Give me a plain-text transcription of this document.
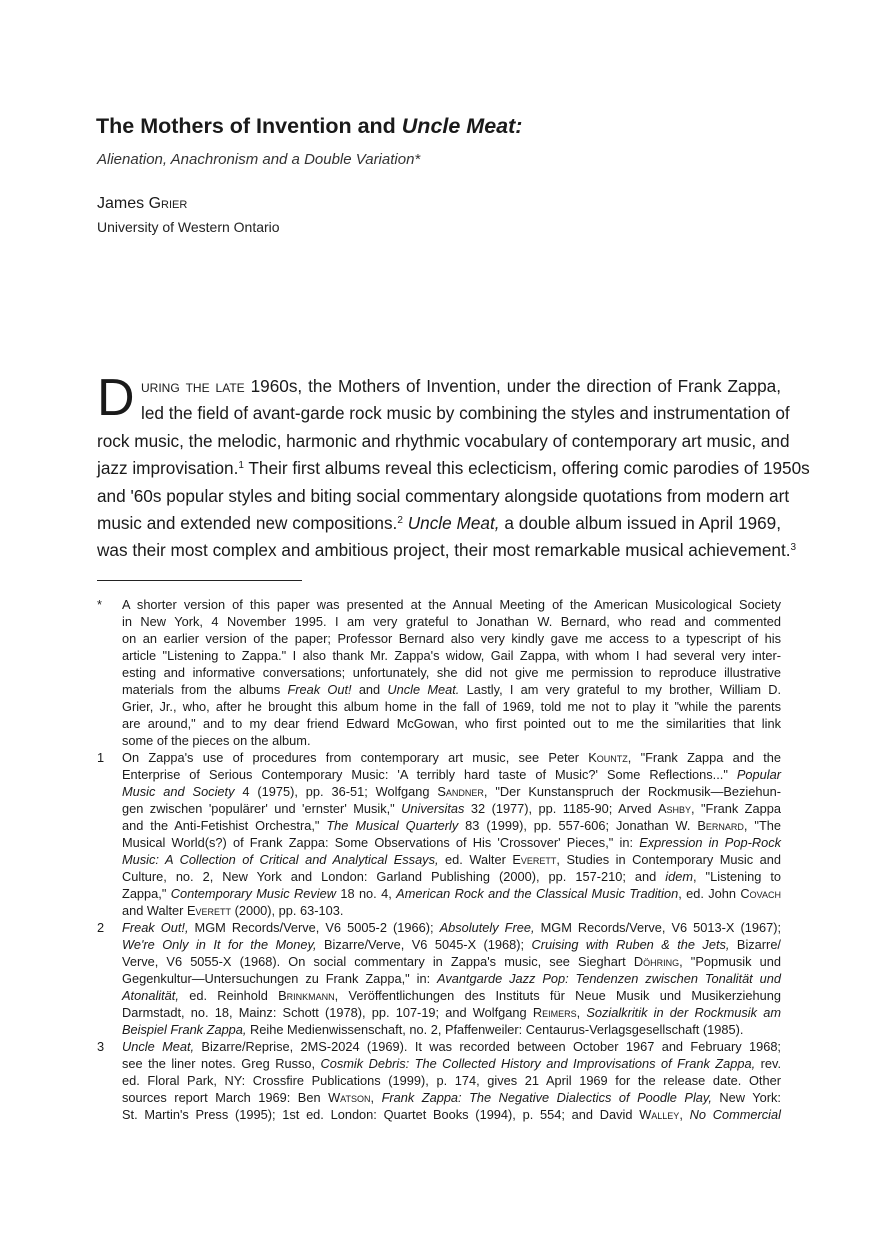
The Mothers of Invention and Uncle Meat:
Alienation, Anachronism and a Double Variation*
James Grier
University of Western Ontario
D uring the late 1960s, the Mothers of Invention, under the direction of Frank Zappa,
led the field of avant-garde rock music by combining the styles and instrumentation of
rock music, the melodic, harmonic and rhythmic vocabulary of contemporary art music, and
jazz improvisation.$^1$ Their first albums reveal this eclecticism, offering comic parodies of 1950s
and '60s popular styles and biting social commentary alongside quotations from modern art
music and extended new compositions.$^2$ Uncle Meat, a double album issued in April 1969,
was their most complex and ambitious project, their most remarkable musical achievement.$^3$
* A shorter version of this paper was presented at the Annual Meeting of the American Musicological Society
in New York, 4 November 1995. I am very grateful to Jonathan W. Bernard, who read and commented
on an earlier version of the paper; Professor Bernard also very kindly gave me access to a typescript of his
article "Listening to Zappa." I also thank Mr. Zappa's widow, Gail Zappa, with whom I had several very inter-
esting and informative conversations; unfortunately, she did not give me permission to reproduce illustrative
materials from the albums Freak Out! and Uncle Meat. Lastly, I am very grateful to my brother, William D.
Grier, Jr., who, after he brought this album home in the fall of 1969, told me not to play it "while the parents
are around," and to my dear friend Edward McGowan, who first pointed out to me the similarities that link
some of the pieces on the album.
1 On Zappa's use of procedures from contemporary art music, see Peter Kountz, "Frank Zappa and the
Enterprise of Serious Contemporary Music: 'A terribly hard taste of Music?' Some Reflections..." Popular
Music and Society 4 (1975), pp. 36-51; Wolfgang Sandner, "Der Kunstanspruch der Rockmusik—Beziehun-
gen zwischen 'populärer' und 'ernster' Musik," Universitas 32 (1977), pp. 1185-90; Arved Ashby, "Frank Zappa
and the Anti-Fetishist Orchestra," The Musical Quarterly 83 (1999), pp. 557-606; Jonathan W. Bernard, "The
Musical World(s?) of Frank Zappa: Some Observations of His 'Crossover' Pieces," in: Expression in Pop-Rock
Music: A Collection of Critical and Analytical Essays, ed. Walter Everett, Studies in Contemporary Music and
Culture, no. 2, New York and London: Garland Publishing (2000), pp. 157-210; and idem, "Listening to
Zappa," Contemporary Music Review 18 no. 4, American Rock and the Classical Music Tradition, ed. John Covach
and Walter Everett (2000), pp. 63-103.
2 Freak Out!, MGM Records/Verve, V6 5005-2 (1966); Absolutely Free, MGM Records/Verve, V6 5013-X (1967);
We're Only in It for the Money, Bizarre/Verve, V6 5045-X (1968); Cruising with Ruben & the Jets, Bizarre/
Verve, V6 5055-X (1968). On social commentary in Zappa's music, see Sieghart Döhring, "Popmusik und
Gegenkultur—Untersuchungen zu Frank Zappa," in: Avantgarde Jazz Pop: Tendenzen zwischen Tonalität und
Atonalität, ed. Reinhold Brinkmann, Veröffentlichungen des Instituts für Neue Musik und Musikerziehung
Darmstadt, no. 18, Mainz: Schott (1978), pp. 107-19; and Wolfgang Reimers, Sozialkritik in der Rockmusik am
Beispiel Frank Zappa, Reihe Medienwissenschaft, no. 2, Pfaffenweiler: Centaurus-Verlagsgesellschaft (1985).
3 Uncle Meat, Bizarre/Reprise, 2MS-2024 (1969). It was recorded between October 1967 and February 1968;
see the liner notes. Greg Russo, Cosmik Debris: The Collected History and Improvisations of Frank Zappa, rev.
ed. Floral Park, NY: Crossfire Publications (1999), p. 174, gives 21 April 1969 for the release date. Other
sources report March 1969: Ben Watson, Frank Zappa: The Negative Dialectics of Poodle Play, New York:
St. Martin's Press (1995); 1st ed. London: Quartet Books (1994), p. 554; and David Walley, No Commercial
